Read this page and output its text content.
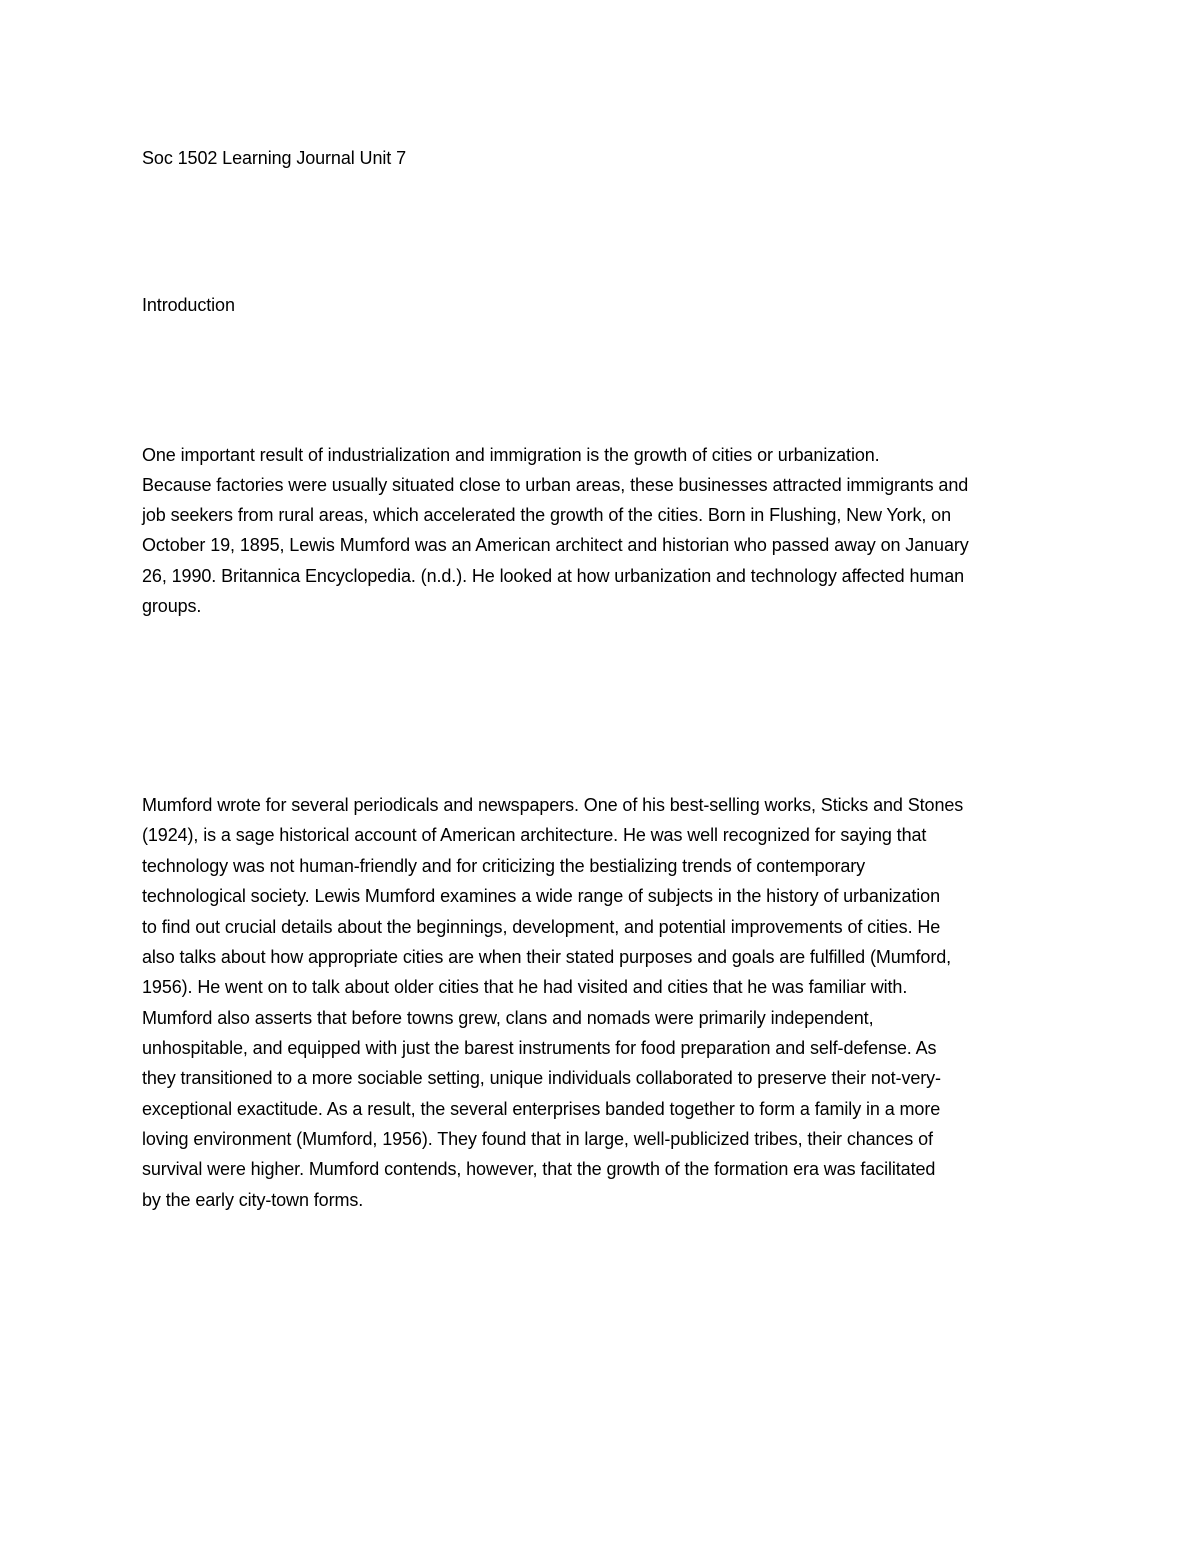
Soc 1502 Learning Journal Unit 7

Introduction

One important result of industrialization and immigration is the growth of cities or urbanization.

Because factories were usually situated close to urban areas, these businesses attracted immigrants and

job seekers from rural areas, which accelerated the growth of the cities. Born in Flushing, New York, on

October 19, 1895, Lewis Mumford was an American architect and historian who passed away on January

26, 1990. Britannica Encyclopedia. (n.d.). He looked at how urbanization and technology affected human

groups.

Mumford wrote for several periodicals and newspapers. One of his best-selling works, Sticks and Stones

(1924), is a sage historical account of American architecture. He was well recognized for saying that

technology was not human-friendly and for criticizing the bestializing trends of contemporary

technological society. Lewis Mumford examines a wide range of subjects in the history of urbanization

to find out crucial details about the beginnings, development, and potential improvements of cities. He

also talks about how appropriate cities are when their stated purposes and goals are fulfilled (Mumford,

1956). He went on to talk about older cities that he had visited and cities that he was familiar with.

Mumford also asserts that before towns grew, clans and nomads were primarily independent,

unhospitable, and equipped with just the barest instruments for food preparation and self-defense. As

they transitioned to a more sociable setting, unique individuals collaborated to preserve their not-very-

exceptional exactitude. As a result, the several enterprises banded together to form a family in a more

loving environment (Mumford, 1956). They found that in large, well-publicized tribes, their chances of

survival were higher. Mumford contends, however, that the growth of the formation era was facilitated

by the early city-town forms.
